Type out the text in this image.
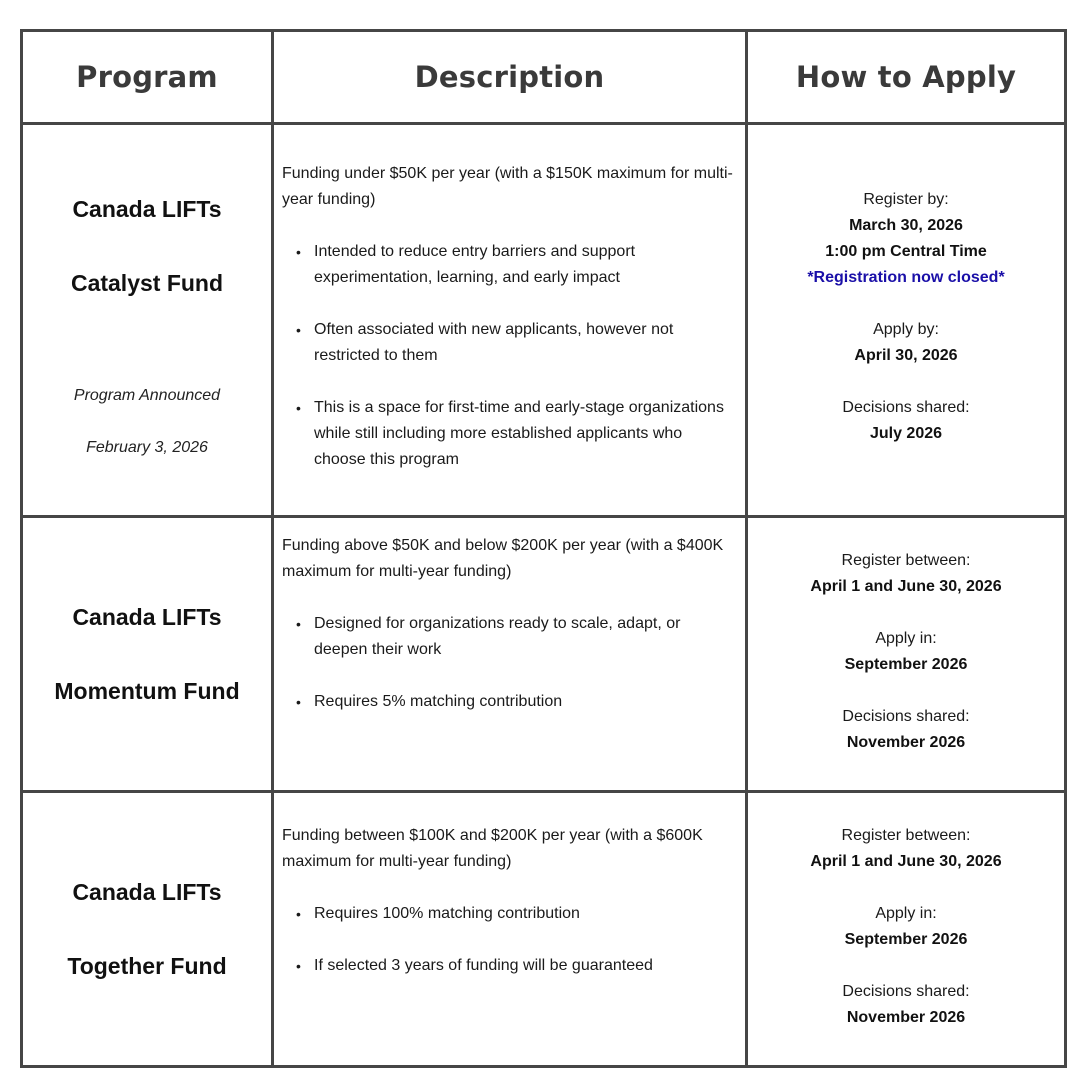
Program	Description	How to Apply

Canada LIFTs

Catalyst Fund

Program Announced

February 3, 2026

Funding under $50K per year (with a $150K maximum for multi-year funding)

• Intended to reduce entry barriers and support experimentation, learning, and early impact
• Often associated with new applicants, however not restricted to them
• This is a space for first-time and early-stage organizations while still including more established applicants who choose this program
Register by:
March 30, 2026
1:00 pm Central Time
*Registration now closed*
Apply by:
April 30, 2026
Decisions shared:
July 2026

Canada LIFTs

Momentum Fund

Funding above $50K and below $200K per year (with a $400K maximum for multi-year funding)

• Designed for organizations ready to scale, adapt, or deepen their work
• Requires 5% matching contribution
Register between:
April 1 and June 30, 2026
Apply in:
September 2026
Decisions shared:
November 2026

Canada LIFTs

Together Fund

Funding between $100K and $200K per year (with a $600K maximum for multi-year funding)

• Requires 100% matching contribution
• If selected 3 years of funding will be guaranteed
Register between:
April 1 and June 30, 2026
Apply in:
September 2026
Decisions shared:
November 2026
